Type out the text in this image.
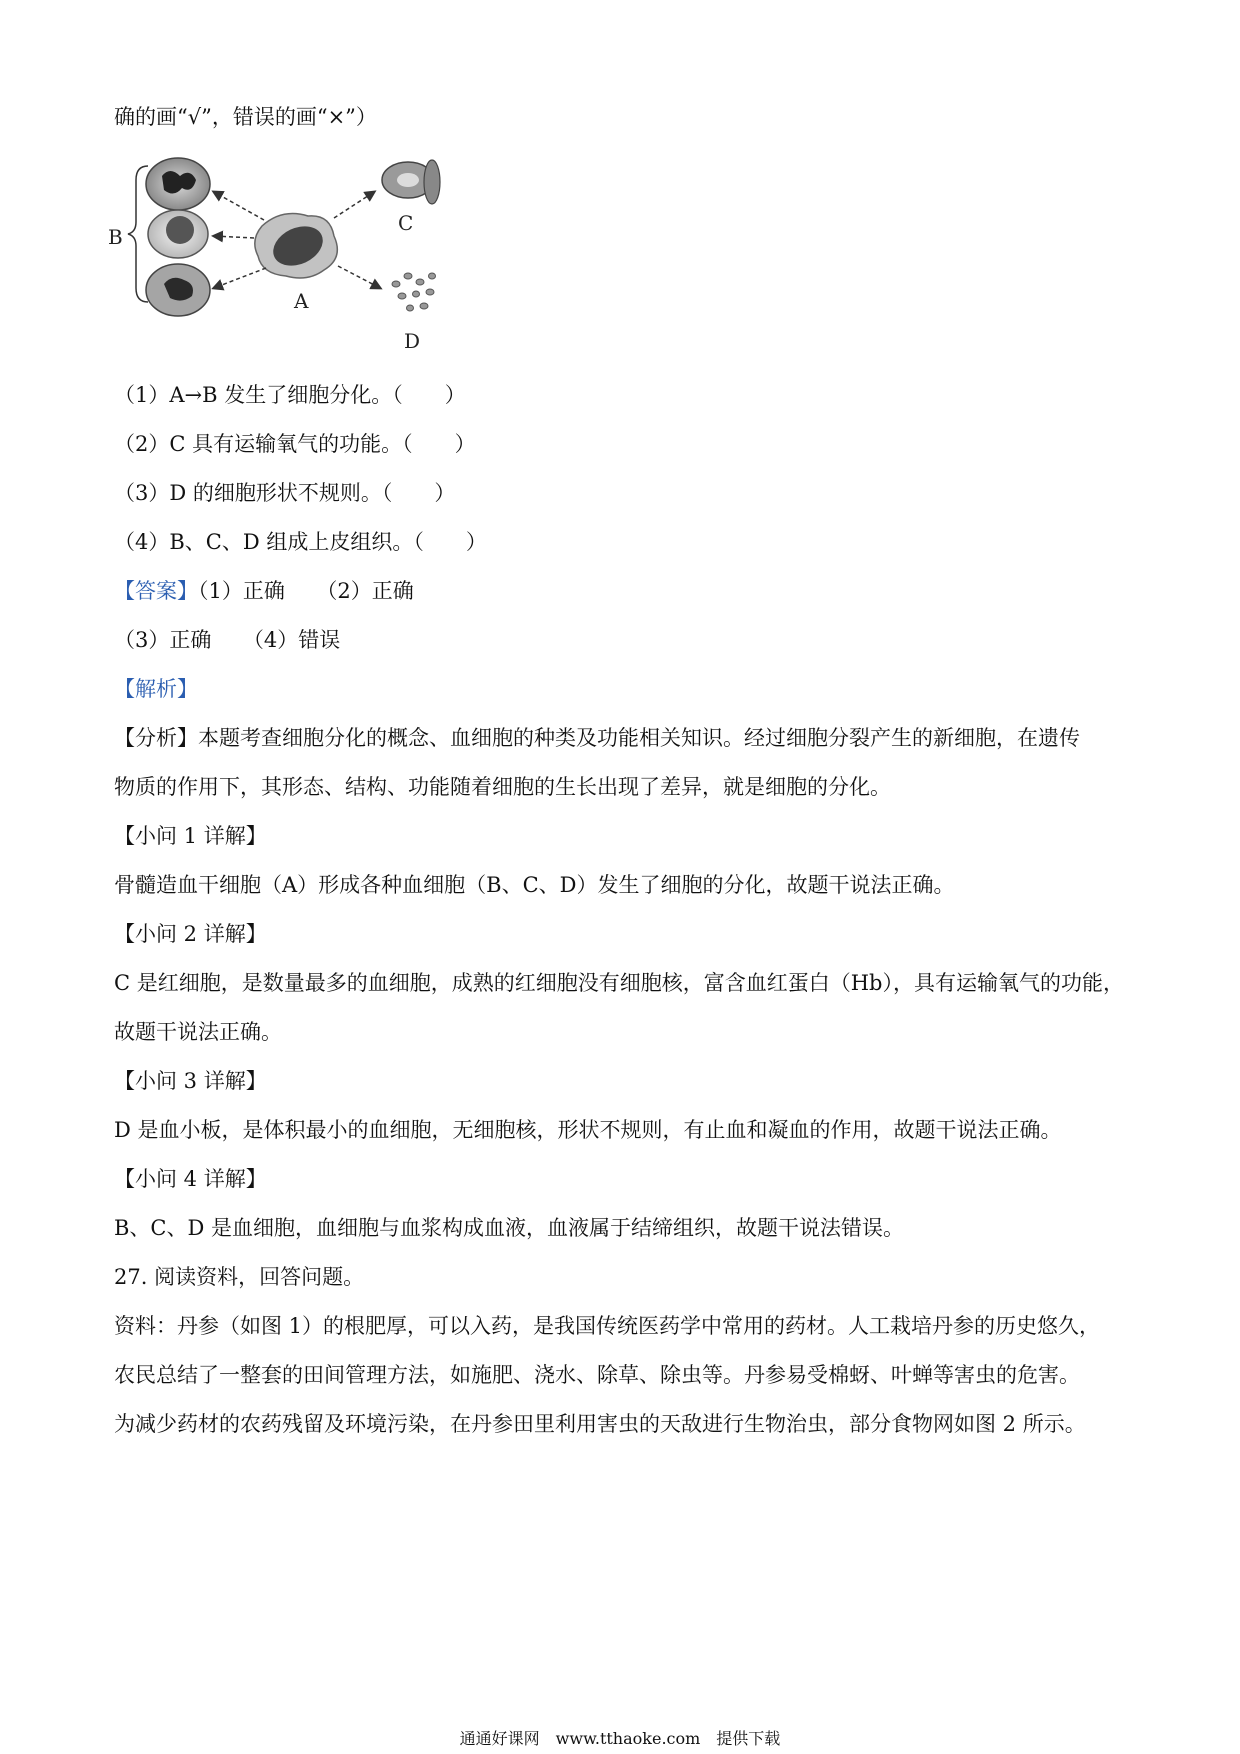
确的画“√”，错误的画“×”）
B
A
C
D
（1）A→B 发生了细胞分化。（　　）
（2）C 具有运输氧气的功能。（　　）
（3）D 的细胞形状不规则。（　　）
（4）B、C、D 组成上皮组织。（　　）
【答案】（1）正确　　（2）正确
（3）正确　　（4）错误
【解析】
【分析】本题考查细胞分化的概念、血细胞的种类及功能相关知识。经过细胞分裂产生的新细胞，在遗传
物质的作用下，其形态、结构、功能随着细胞的生长出现了差异，就是细胞的分化。
【小问 1 详解】
骨髓造血干细胞（A）形成各种血细胞（B、C、D）发生了细胞的分化，故题干说法正确。
【小问 2 详解】
C 是红细胞，是数量最多的血细胞，成熟的红细胞没有细胞核，富含血红蛋白（Hb），具有运输氧气的功能，
故题干说法正确。
【小问 3 详解】
D 是血小板，是体积最小的血细胞，无细胞核，形状不规则，有止血和凝血的作用，故题干说法正确。
【小问 4 详解】
B、C、D 是血细胞，血细胞与血浆构成血液，血液属于结缔组织，故题干说法错误。
27. 阅读资料，回答问题。
资料：丹参（如图 1）的根肥厚，可以入药，是我国传统医药学中常用的药材。人工栽培丹参的历史悠久，
农民总结了一整套的田间管理方法，如施肥、浇水、除草、除虫等。丹参易受棉蚜、叶蝉等害虫的危害。
为减少药材的农药残留及环境污染，在丹参田里利用害虫的天敌进行生物治虫，部分食物网如图 2 所示。
通通好课网　www.tthaoke.com　提供下载
